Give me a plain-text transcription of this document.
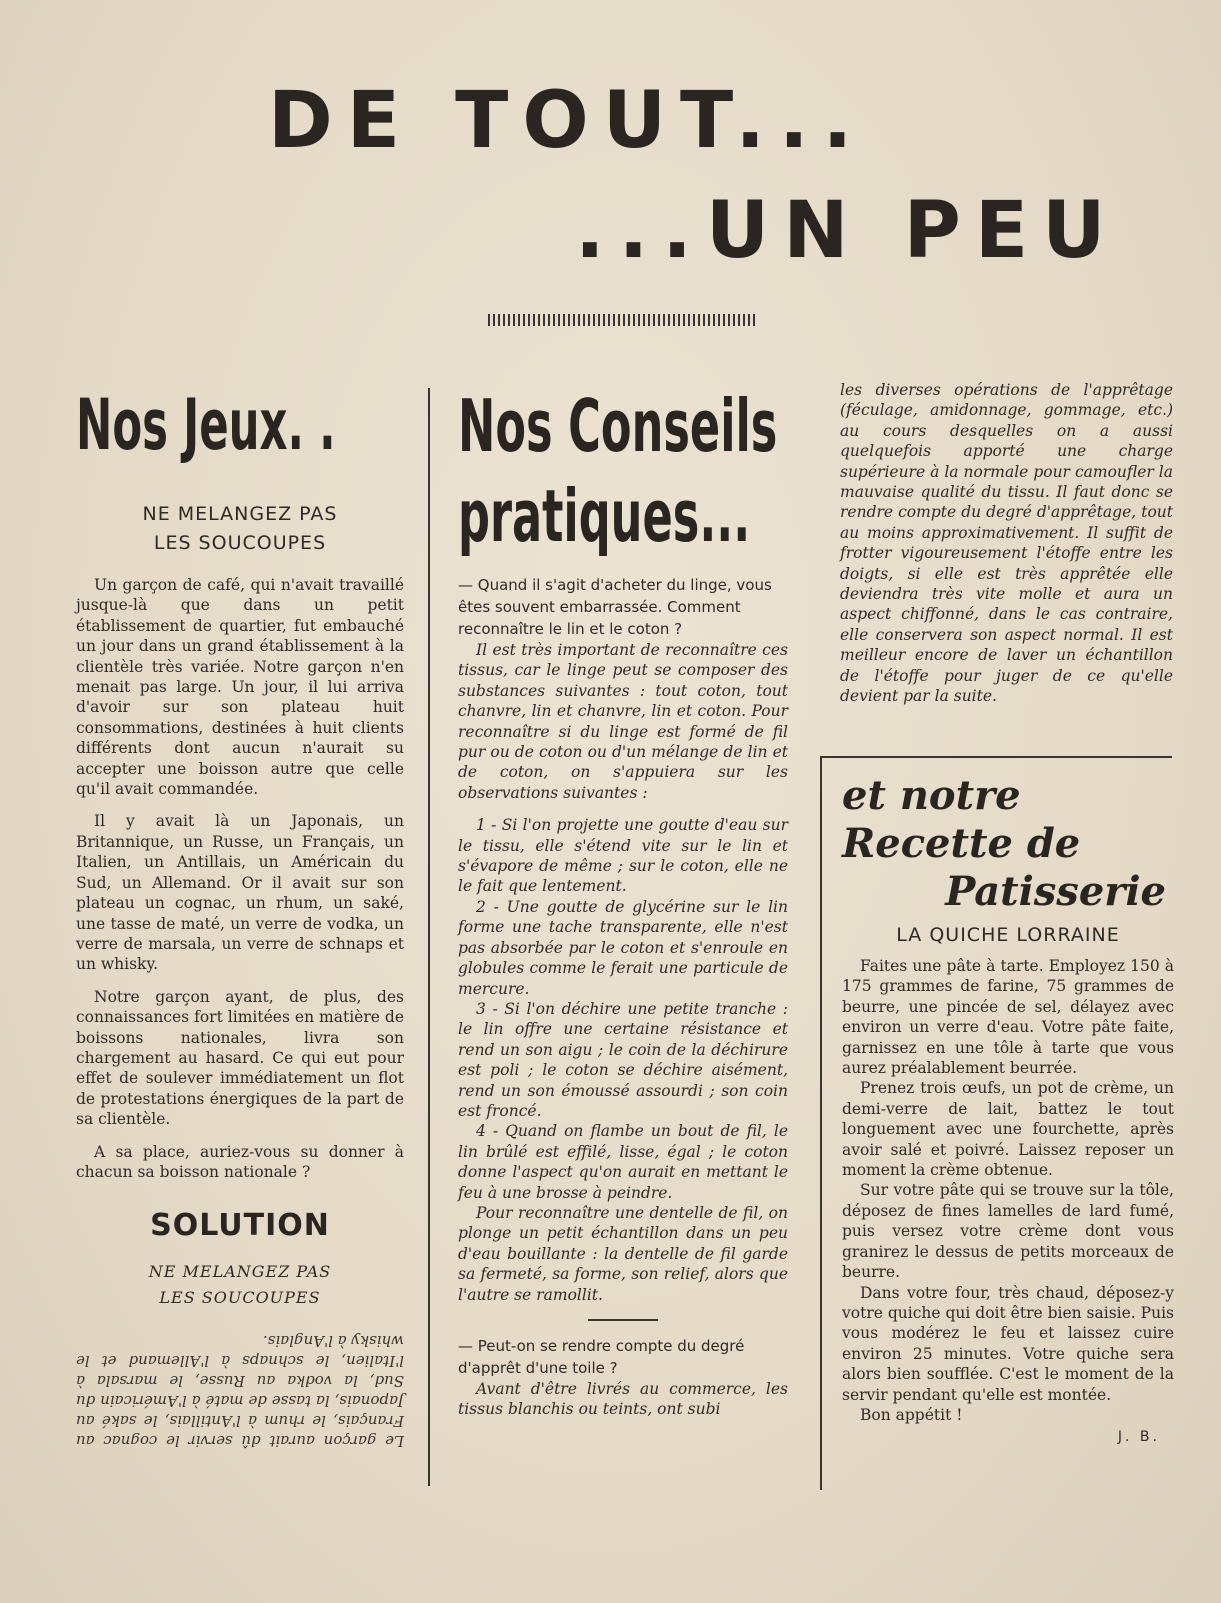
DE TOUT...
...UN PEU
Nos Jeux. .
NE MELANGEZ PAS
LES SOUCOUPES

Un garçon de café, qui n'avait travaillé jusque-là que dans un petit établissement de quartier, fut embauché un jour dans un grand établissement à la clientèle très variée. Notre garçon n'en menait pas large. Un jour, il lui arriva d'avoir sur son plateau huit consommations, destinées à huit clients différents dont aucun n'aurait su accepter une boisson autre que celle qu'il avait commandée.

Il y avait là un Japonais, un Britannique, un Russe, un Français, un Italien, un Antillais, un Américain du Sud, un Allemand. Or il avait sur son plateau un cognac, un rhum, un saké, une tasse de maté, un verre de vodka, un verre de marsala, un verre de schnaps et un whisky.

Notre garçon ayant, de plus, des connaissances fort limitées en matière de boissons nationales, livra son chargement au hasard. Ce qui eut pour effet de soulever immédiatement un flot de protestations énergiques de la part de sa clientèle.

A sa place, auriez-vous su donner à chacun sa boisson nationale ?

SOLUTION
NE MELANGEZ PAS
LES SOUCOUPES
Le garçon aurait dû servir le cognac au Français, le rhum à l'Antillais, le saké au Japonais, la tasse de maté à l'Américain du Sud, la vodka au Russe, le marsala à l'Italien, le schnaps à l'Allemand et le whisky à l'Anglais.
Nos Conseils
pratiques...
— Quand il s'agit d'acheter du linge, vous êtes souvent embarrassée. Comment reconnaître le lin et le coton ?

Il est très important de reconnaître ces tissus, car le linge peut se composer des substances suivantes : tout coton, tout chanvre, lin et chanvre, lin et coton. Pour reconnaître si du linge est formé de fil pur ou de coton ou d'un mélange de lin et de coton, on s'appuiera sur les observations suivantes :

1 - Si l'on projette une goutte d'eau sur le tissu, elle s'étend vite sur le lin et s'évapore de même ; sur le coton, elle ne le fait que lentement.

2 - Une goutte de glycérine sur le lin forme une tache transparente, elle n'est pas absorbée par le coton et s'enroule en globules comme le ferait une particule de mercure.

3 - Si l'on déchire une petite tranche : le lin offre une certaine résistance et rend un son aigu ; le coin de la déchirure est poli ; le coton se déchire aisément, rend un son émoussé assourdi ; son coin est froncé.

4 - Quand on flambe un bout de fil, le lin brûlé est effilé, lisse, égal ; le coton donne l'aspect qu'on aurait en mettant le feu à une brosse à peindre.

Pour reconnaître une dentelle de fil, on plonge un petit échantillon dans un peu d'eau bouillante : la dentelle de fil garde sa fermeté, sa forme, son relief, alors que l'autre se ramollit.

— Peut-on se rendre compte du degré d'apprêt d'une toile ?

Avant d'être livrés au commerce, les tissus blanchis ou teints, ont subi

les diverses opérations de l'apprêtage (féculage, amidonnage, gommage, etc.) au cours desquelles on a aussi quelquefois apporté une charge supérieure à la normale pour camoufler la mauvaise qualité du tissu. Il faut donc se rendre compte du degré d'apprêtage, tout au moins approximativement. Il suffit de frotter vigoureusement l'étoffe entre les doigts, si elle est très apprêtée elle deviendra très vite molle et aura un aspect chiffonné, dans le cas contraire, elle conservera son aspect normal. Il est meilleur encore de laver un échantillon de l'étoffe pour juger de ce qu'elle devient par la suite.

et notre
Recette de
Patisserie
LA QUICHE LORRAINE

Faites une pâte à tarte. Employez 150 à 175 grammes de farine, 75 grammes de beurre, une pincée de sel, délayez avec environ un verre d'eau. Votre pâte faite, garnissez en une tôle à tarte que vous aurez préalablement beurrée.

Prenez trois œufs, un pot de crème, un demi-verre de lait, battez le tout longuement avec une fourchette, après avoir salé et poivré. Laissez reposer un moment la crème obtenue.

Sur votre pâte qui se trouve sur la tôle, déposez de fines lamelles de lard fumé, puis versez votre crème dont vous granirez le dessus de petits morceaux de beurre.

Dans votre four, très chaud, déposez-y votre quiche qui doit être bien saisie. Puis vous modérez le feu et laissez cuire environ 25 minutes. Votre quiche sera alors bien soufflée. C'est le moment de la servir pendant qu'elle est montée.

Bon appétit !

J. B.
